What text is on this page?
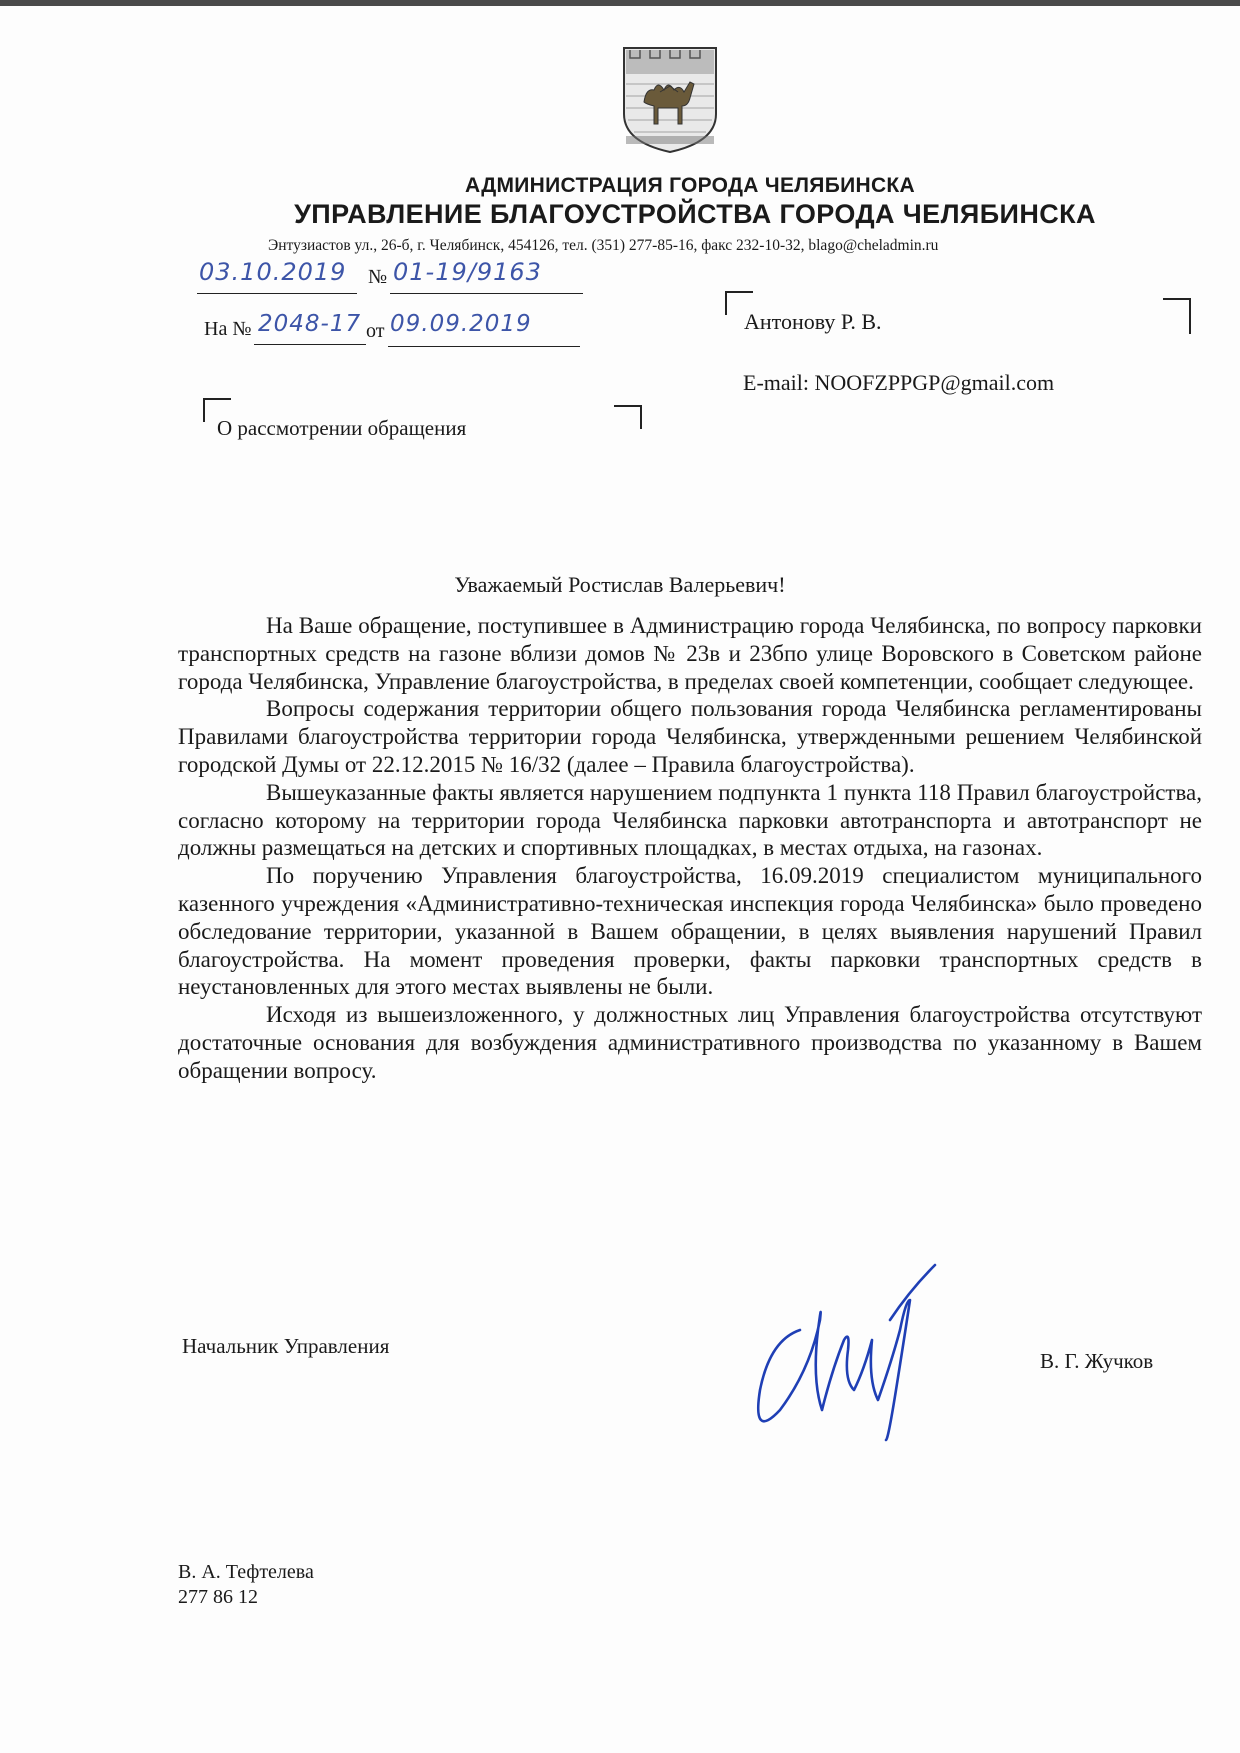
АДМИНИСТРАЦИЯ ГОРОДА ЧЕЛЯБИНСКА
УПРАВЛЕНИЕ БЛАГОУСТРОЙСТВА ГОРОДА ЧЕЛЯБИНСКА
Энтузиастов ул., 26-б, г. Челябинск, 454126, тел. (351) 277-85-16, факс 232-10-32, blago@cheladmin.ru
03.10.2019 № 01-19/9163
На № 2048-17 от 09.09.2019	Антонову Р. В.
E-mail: NOOFZPPGP@gmail.com
О рассмотрении обращения
Уважаемый Ростислав Валерьевич!

На Ваше обращение, поступившее в Администрацию города Челябинска, по вопросу парковки транспортных средств на газоне вблизи домов № 23в и 23бпо улице Воровского в Советском районе города Челябинска, Управление благоустройства, в пределах своей компетенции, сообщает следующее.

Вопросы содержания территории общего пользования города Челябинска регламентированы Правилами благоустройства территории города Челябинска, утвержденными решением Челябинской городской Думы от 22.12.2015 № 16/32 (далее – Правила благоустройства).

Вышеуказанные факты является нарушением подпункта 1 пункта 118 Правил благоустройства, согласно которому на территории города Челябинска парковки автотранспорта и автотранспорт не должны размещаться на детских и спортивных площадках, в местах отдыха, на газонах.

По поручению Управления благоустройства, 16.09.2019 специалистом муниципального казенного учреждения «Административно-техническая инспекция города Челябинска» было проведено обследование территории, указанной в Вашем обращении, в целях выявления нарушений Правил благоустройства. На момент проведения проверки, факты парковки транспортных средств в неустановленных для этого местах выявлены не были.

Исходя из вышеизложенного, у должностных лиц Управления благоустройства отсутствуют достаточные основания для возбуждения административного производства по указанному в Вашем обращении вопросу.

Начальник Управления
В. Г. Жучков
В. А. Тефтелева
277 86 12
